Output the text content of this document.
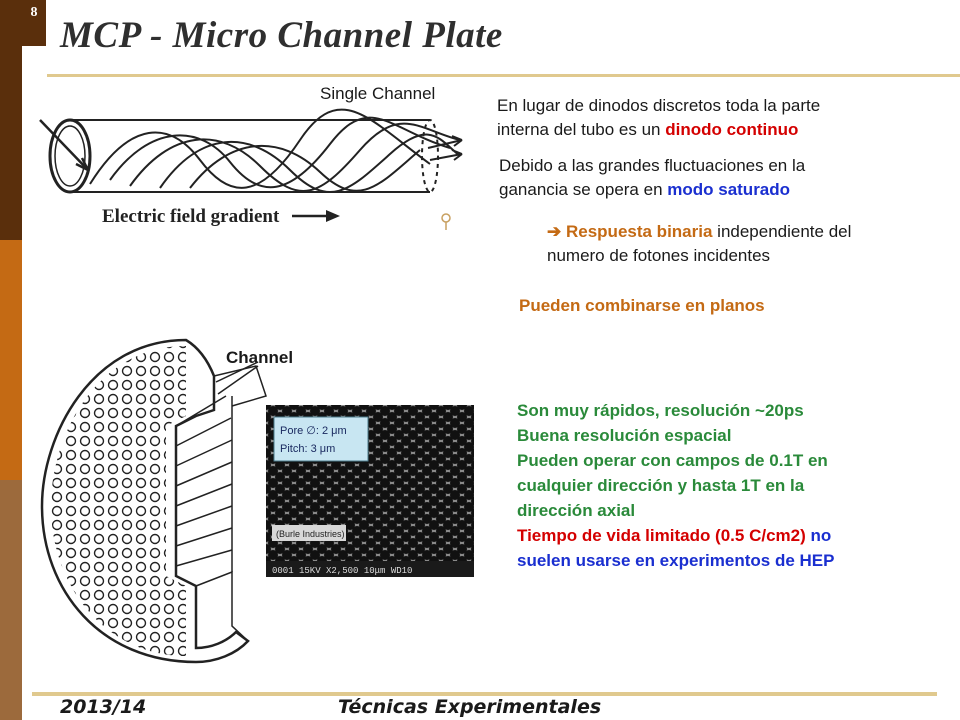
8
MCP - Micro Channel Plate
Single Channel
Electric field gradient
En lugar de dinodos discretos toda la parte
interna del tubo es un dinodo continuo
Debido a las grandes fluctuaciones en la
ganancia se opera en modo saturado
➔ Respuesta binaria independiente del
numero de fotones incidentes
Pueden combinarse en planos
Son muy rápidos, resolución ~20ps
Buena resolución espacial
Pueden operar con campos de 0.1T en
cualquier dirección y hasta 1T en la
dirección axial
Tiempo de vida limitado (0.5 C/cm2) no
suelen usarse en experimentos de HEP
Channel
Pore ∅: 2 μm
Pitch: 3 μm
(Burle Industries)
0001 15KV X2,500 10μm WD10
2013/14	Técnicas Experimentales
